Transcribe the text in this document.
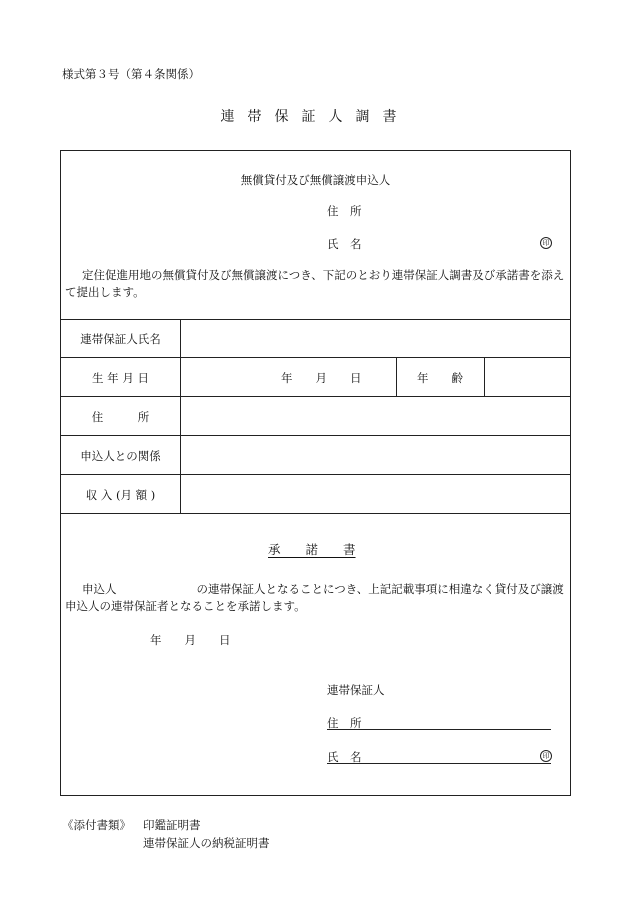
様式第３号（第４条関係）
連帯保証人調書
無償貸付及び無償譲渡申込人
住　所
氏　名	印
定住促進用地の無償貸付及び無償譲渡につき、下記のとおり連帯保証人調書及び承諾書を添えて提出します。
連帯保証人氏名
生 年 月 日	年　　月　　日	年　　齢
住　　　所
申込人との関係
収 入 (月 額 )
承　　諾　　書
申込人	の連帯保証人となることにつき、上記記載事項に相違なく貸付及び譲渡申込人の連帯保証者となることを承諾します。
年　　月　　日
連帯保証人
住　所
氏　名	印
《添付書類》 印鑑証明書
連帯保証人の納税証明書
